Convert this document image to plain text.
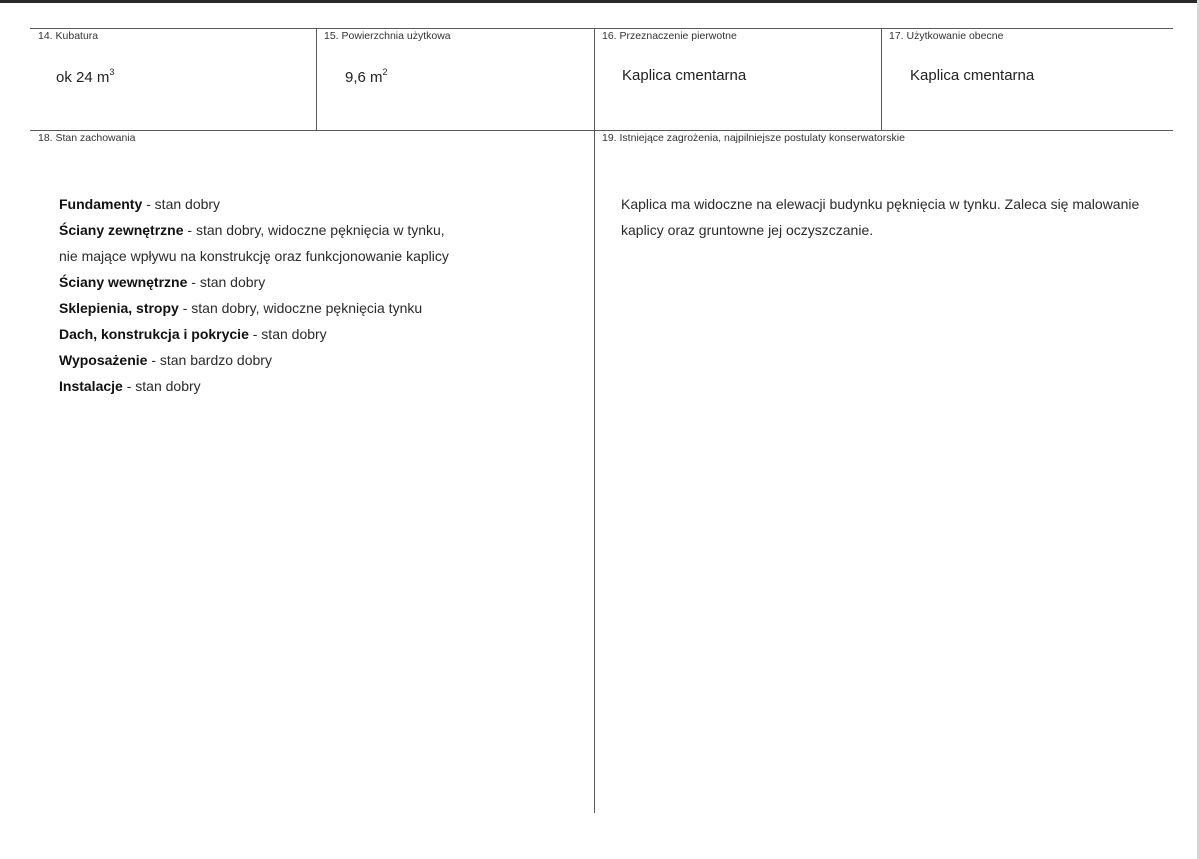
14. Kubatura
ok 24 $m^3$
15. Powierzchnia użytkowa
9,6 $m^2$
16. Przeznaczenie pierwotne
Kaplica cmentarna
17. Użytkowanie obecne
Kaplica cmentarna
18. Stan zachowania
Fundamenty - stan dobry
Ściany zewnętrzne - stan dobry, widoczne pęknięcia w tynku,
nie mające wpływu na konstrukcję oraz funkcjonowanie kaplicy
Ściany wewnętrzne - stan dobry
Sklepienia, stropy - stan dobry, widoczne pęknięcia tynku
Dach, konstrukcja i pokrycie - stan dobry
Wyposażenie - stan bardzo dobry
Instalacje - stan dobry
19. Istniejące zagrożenia, najpilniejsze postulaty konserwatorskie
Kaplica ma widoczne na elewacji budynku pęknięcia w tynku. Zaleca się malowanie
kaplicy oraz gruntowne jej oczyszczanie.
